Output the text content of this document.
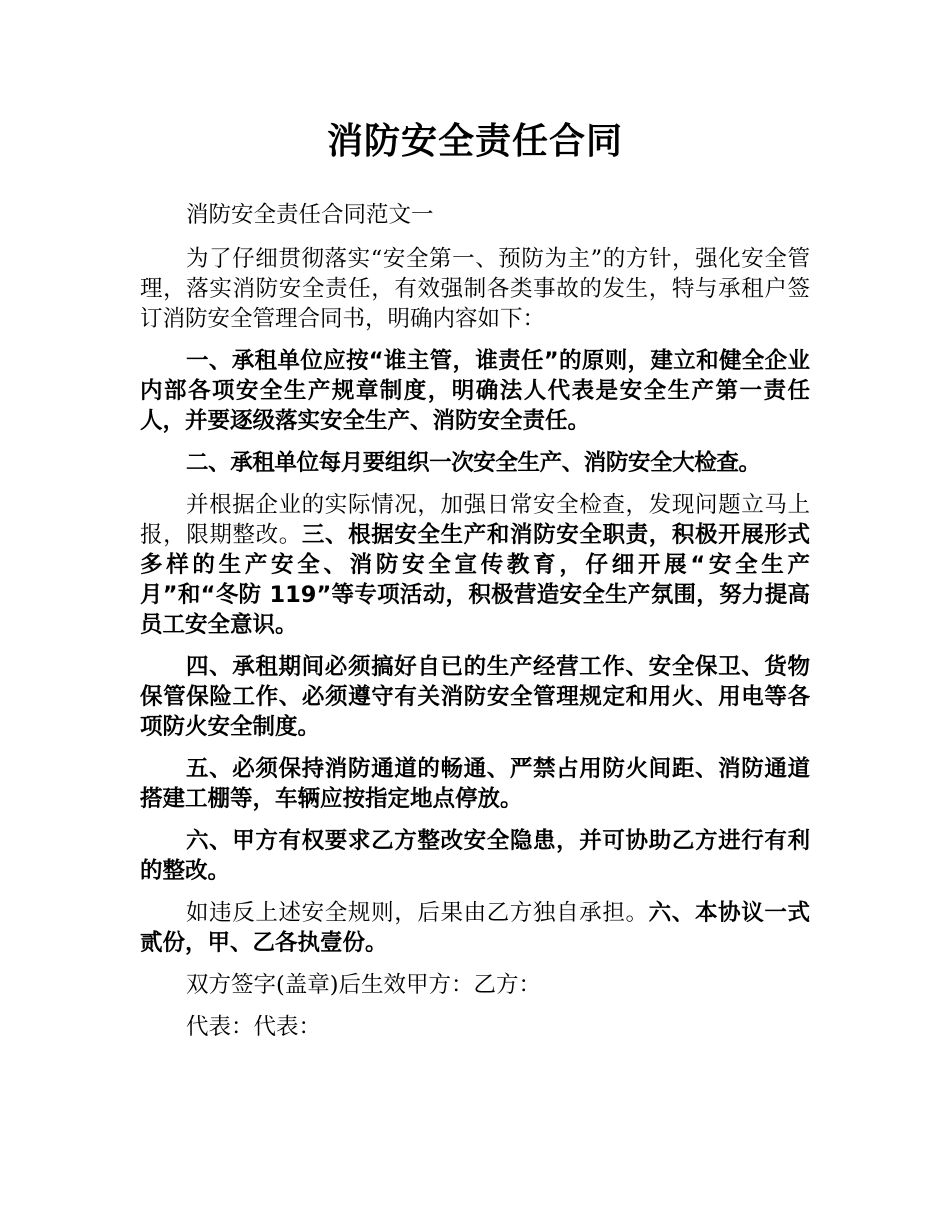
消防安全责任合同

消防安全责任合同范文一

为了仔细贯彻落实“安全第一、预防为主”的方针，强化安全管理，落实消防安全责任，有效强制各类事故的发生，特与承租户签订消防安全管理合同书，明确内容如下：

一、承租单位应按“谁主管，谁责任”的原则，建立和健全企业内部各项安全生产规章制度，明确法人代表是安全生产第一责任人，并要逐级落实安全生产、消防安全责任。

二、承租单位每月要组织一次安全生产、消防安全大检查。

并根据企业的实际情况，加强日常安全检查，发现问题立马上报，限期整改。三、根据安全生产和消防安全职责，积极开展形式多样的生产安全、消防安全宣传教育，仔细开展“安全生产月”和“冬防 119”等专项活动，积极营造安全生产氛围，努力提高员工安全意识。

四、承租期间必须搞好自已的生产经营工作、安全保卫、货物保管保险工作、必须遵守有关消防安全管理规定和用火、用电等各项防火安全制度。

五、必须保持消防通道的畅通、严禁占用防火间距、消防通道搭建工棚等，车辆应按指定地点停放。

六、甲方有权要求乙方整改安全隐患，并可协助乙方进行有利的整改。

如违反上述安全规则，后果由乙方独自承担。六、本协议一式贰份，甲、乙各执壹份。

双方签字(盖章)后生效甲方：乙方：

代表：代表：
